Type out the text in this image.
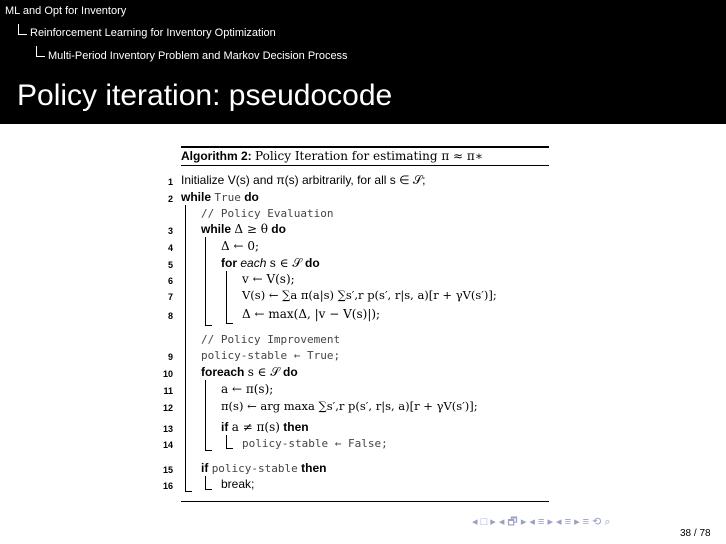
ML and Opt for Inventory
Reinforcement Learning for Inventory Optimization
Multi-Period Inventory Problem and Markov Decision Process
Policy iteration: pseudocode
Algorithm 2: Policy Iteration for estimating π ≈ π∗
1 Initialize V(s) and π(s) arbitrarily, for all s ∈ 𝒮;
2 while True do
// Policy Evaluation
3 while Δ ≥ θ do
4	Δ ← 0;
5	for each s ∈ 𝒮 do
6	v ← V(s);
7	V(s) ← ∑a π(a|s) ∑s′,r p(s′, r|s, a)[r + γV(s′)];
8	Δ ← max(Δ, |v − V(s)|);
// Policy Improvement
9	policy-stable ← True;
10 foreach s ∈ 𝒮 do
11	a ← π(s);
12	π(s) ← arg maxa ∑s′,r p(s′, r|s, a)[r + γV(s′)];
13	if a ≠ π(s) then
14	policy-stable ← False;
15 if policy-stable then
16	break;
◂ □ ▸ ◂ 🗗 ▸ ◂ ≡ ▸ ◂ ≡ ▸ ≡ ⟲ ⌕
38 / 78
